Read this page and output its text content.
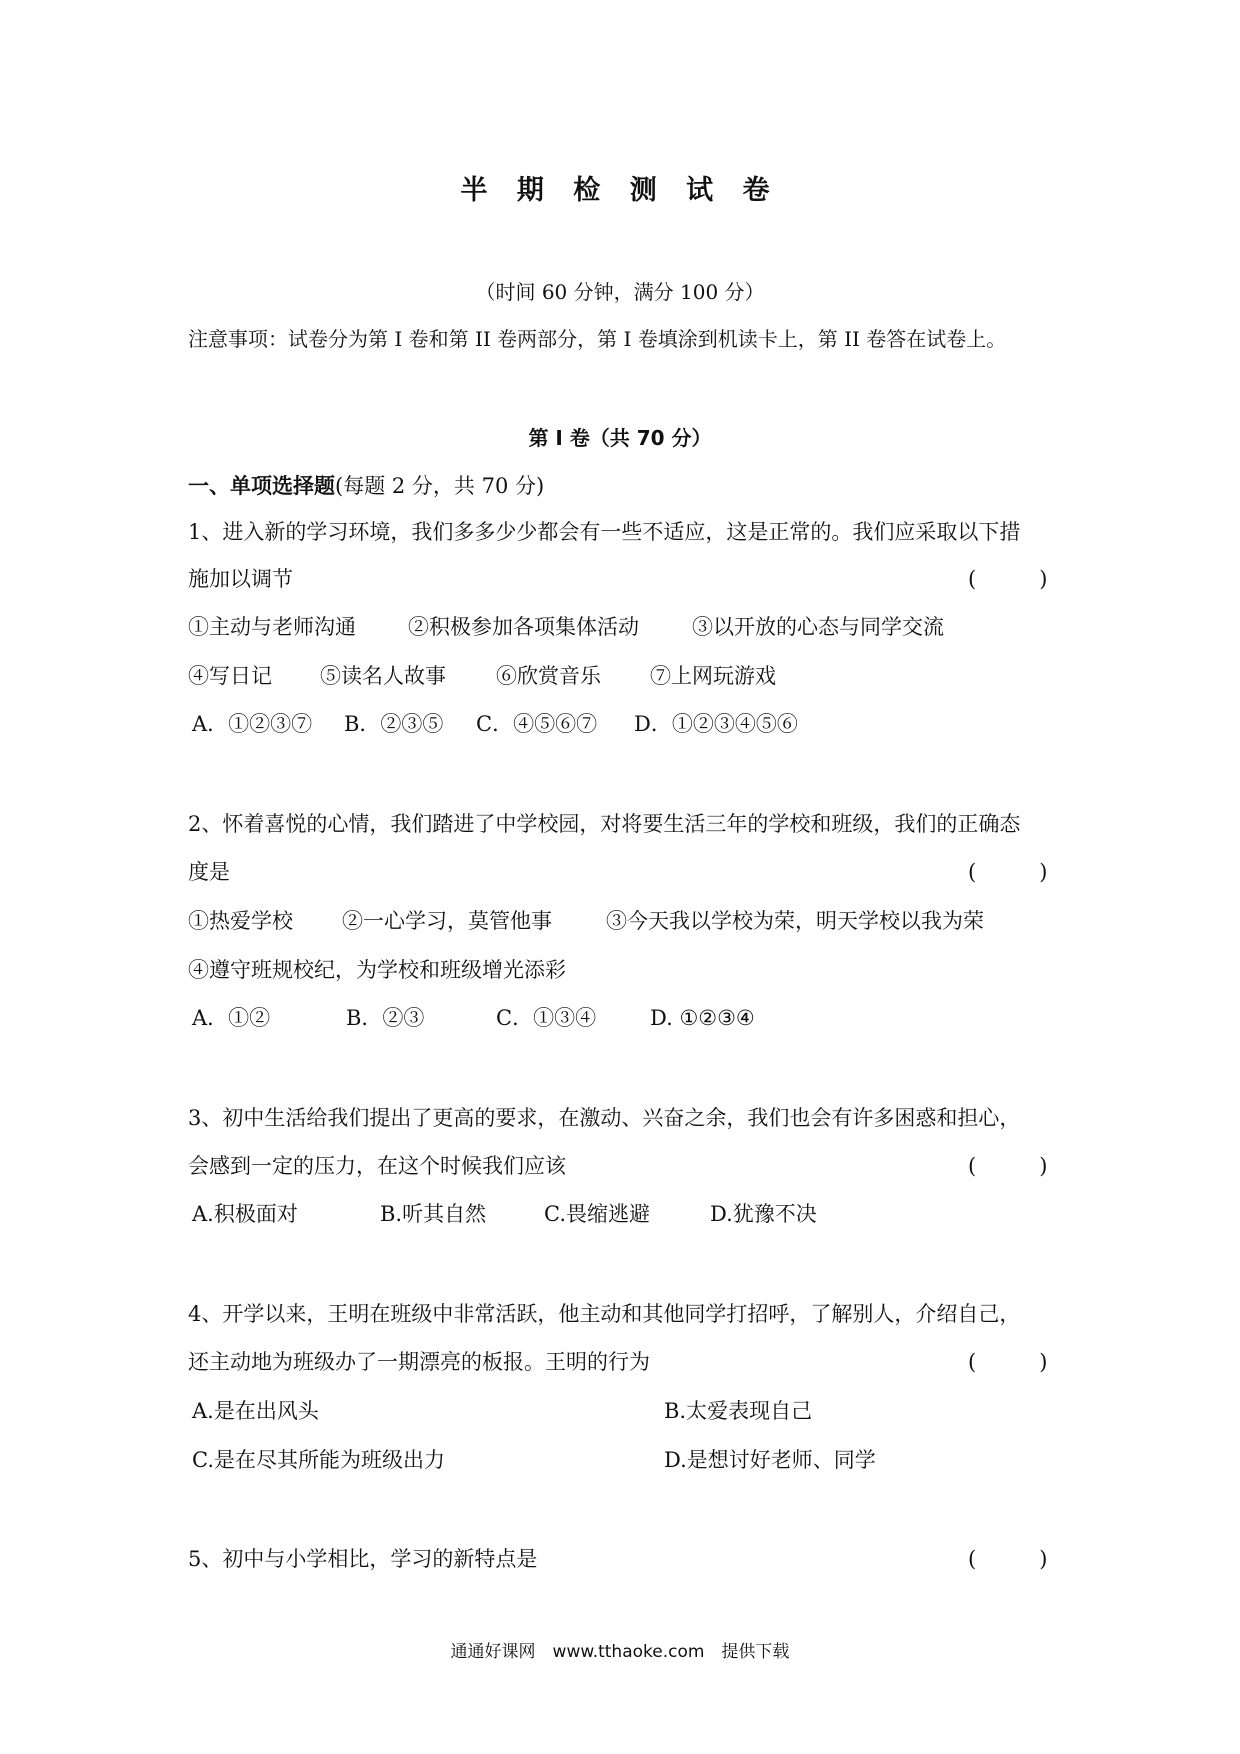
半 期 检 测 试 卷
（时间 60 分钟，满分 100 分）
注意事项：试卷分为第 I 卷和第 II 卷两部分，第 I 卷填涂到机读卡上，第 II 卷答在试卷上。
第 I 卷（共 70 分）
一、单项选择题(每题 2 分，共 70 分)
1、进入新的学习环境，我们多多少少都会有一些不适应，这是正常的。我们应采取以下措
施加以调节	(　　　)
①主动与老师沟通 ②积极参加各项集体活动	③以开放的心态与同学交流
④写日记 ⑤读名人故事 ⑥欣赏音乐 ⑦上网玩游戏
A．①②③⑦ B．②③⑤ C．④⑤⑥⑦ D．①②③④⑤⑥
2、怀着喜悦的心情，我们踏进了中学校园，对将要生活三年的学校和班级，我们的正确态
度是	(　　　)
①热爱学校 ②一心学习，莫管他事	③今天我以学校为荣，明天学校以我为荣
④遵守班规校纪，为学校和班级增光添彩
A．①②	B．②③	C．①③④	D. ①②③④
3、初中生活给我们提出了更高的要求，在激动、兴奋之余，我们也会有许多困惑和担心，
会感到一定的压力，在这个时候我们应该	(　　　)
A.积极面对	B.听其自然	C.畏缩逃避	D.犹豫不决
4、开学以来，王明在班级中非常活跃，他主动和其他同学打招呼，了解别人，介绍自己，
还主动地为班级办了一期漂亮的板报。王明的行为	(　　　)
A.是在出风头	B.太爱表现自己
C.是在尽其所能为班级出力	D.是想讨好老师、同学
5、初中与小学相比，学习的新特点是	(　　　)
通通好课网　www.tthaoke.com　提供下载
